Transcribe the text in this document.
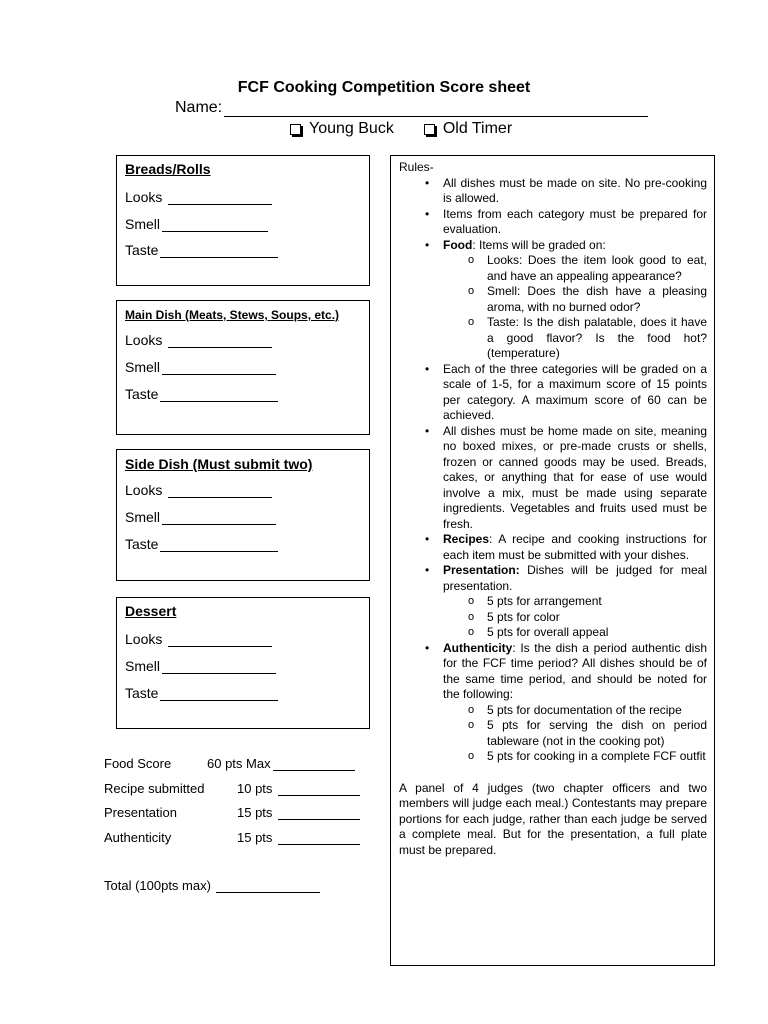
FCF Cooking Competition Score sheet
Name:
Young Buck	Old Timer
Breads/Rolls
Looks
Smell
Taste
Main Dish (Meats, Stews, Soups, etc.)
Looks
Smell
Taste
Side Dish (Must submit two)
Looks
Smell
Taste
Dessert
Looks
Smell
Taste
Food Score	60 pts Max
Recipe submitted	10 pts
Presentation	15 pts
Authenticity	15 pts
Total (100pts max)
Rules-
• All dishes must be made on site. No pre-cooking is allowed.
• Items from each category must be prepared for evaluation.
• Food: Items will be graded on:
o Looks: Does the item look good to eat, and have an appealing appearance?
o Smell: Does the dish have a pleasing aroma, with no burned odor?
o Taste: Is the dish palatable, does it have a good flavor? Is the food hot? (temperature)
• Each of the three categories will be graded on a scale of 1-5, for a maximum score of 15 points per category. A maximum score of 60 can be achieved.
• All dishes must be home made on site, meaning no boxed mixes, or pre-made crusts or shells, frozen or canned goods may be used. Breads, cakes, or anything that for ease of use would involve a mix, must be made using separate ingredients. Vegetables and fruits used must be fresh.
• Recipes: A recipe and cooking instructions for each item must be submitted with your dishes.
• Presentation: Dishes will be judged for meal presentation.
o 5 pts for arrangement
o 5 pts for color
o 5 pts for overall appeal
• Authenticity: Is the dish a period authentic dish for the FCF time period? All dishes should be of the same time period, and should be noted for the following:
o 5 pts for documentation of the recipe
o 5 pts for serving the dish on period tableware (not in the cooking pot)
o 5 pts for cooking in a complete FCF outfit
A panel of 4 judges (two chapter officers and two members will judge each meal.) Contestants may prepare portions for each judge, rather than each judge be served a complete meal. But for the presentation, a full plate must be prepared.
